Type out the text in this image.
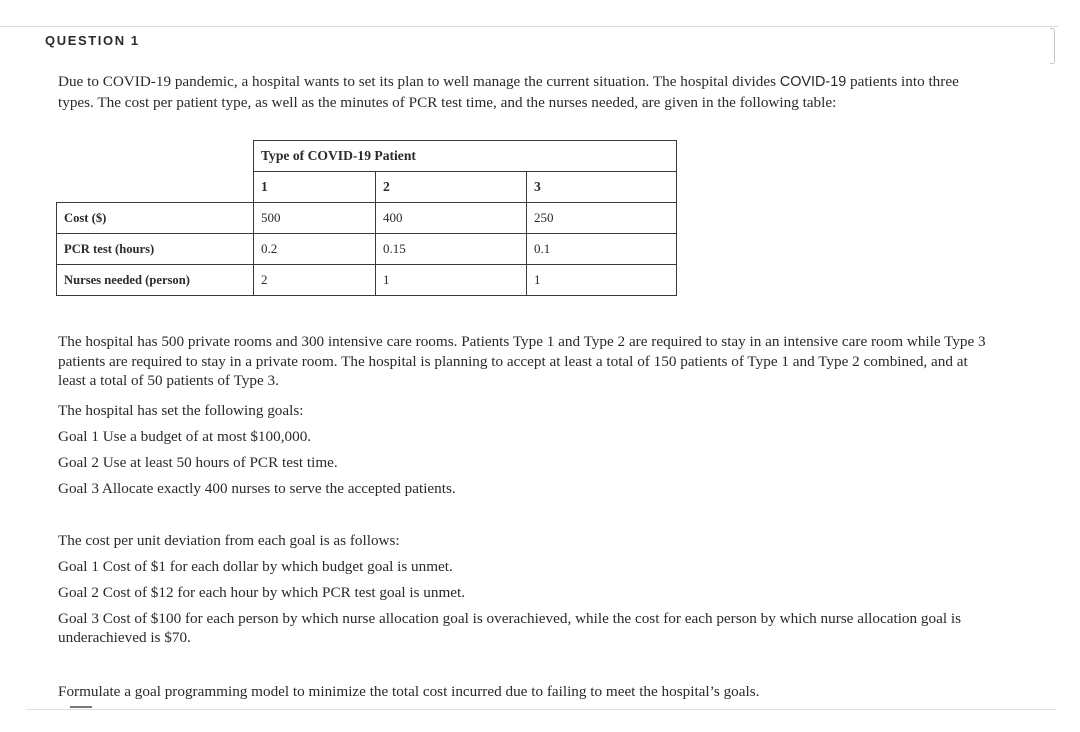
QUESTION 1
Due to COVID-19 pandemic, a hospital wants to set its plan to well manage the current situation. The hospital divides COVID-19 patients into three types. The cost per patient type, as well as the minutes of PCR test time, and the nurses needed, are given in the following table:
	Type of COVID-19 Patient		
	1	2	3
Cost ($)	500	400	250
PCR test (hours)	0.2	0.15	0.1
Nurses needed (person)	2	1	1
The hospital has 500 private rooms and 300 intensive care rooms. Patients Type 1 and Type 2 are required to stay in an intensive care room while Type 3 patients are required to stay in a private room. The hospital is planning to accept at least a total of 150 patients of Type 1 and Type 2 combined, and at least a total of 50 patients of Type 3.
The hospital has set the following goals:
Goal 1 Use a budget of at most $100,000.
Goal 2 Use at least 50 hours of PCR test time.
Goal 3 Allocate exactly 400 nurses to serve the accepted patients.
The cost per unit deviation from each goal is as follows:
Goal 1 Cost of $1 for each dollar by which budget goal is unmet.
Goal 2 Cost of $12 for each hour by which PCR test goal is unmet.
Goal 3 Cost of $100 for each person by which nurse allocation goal is overachieved, while the cost for each person by which nurse allocation goal is underachieved is $70.
Formulate a goal programming model to minimize the total cost incurred due to failing to meet the hospital’s goals.
